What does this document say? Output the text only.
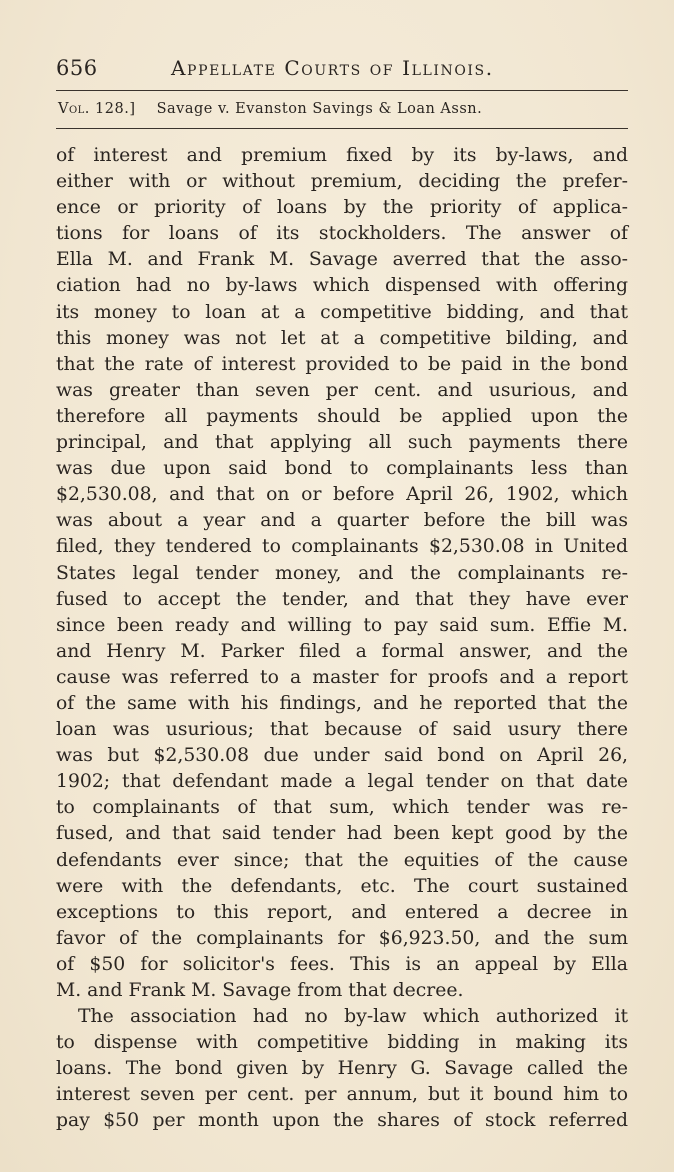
656	Appellate Courts of Illinois.
Vol. 128.] Savage v. Evanston Savings & Loan Assn.
of interest and premium fixed by its by-laws, and
either with or without premium, deciding the prefer-
ence or priority of loans by the priority of applica-
tions for loans of its stockholders. The answer of
Ella M. and Frank M. Savage averred that the asso-
ciation had no by-laws which dispensed with offering
its money to loan at a competitive bidding, and that
this money was not let at a competitive bilding, and
that the rate of interest provided to be paid in the bond
was greater than seven per cent. and usurious, and
therefore all payments should be applied upon the
principal, and that applying all such payments there
was due upon said bond to complainants less than
$2,530.08, and that on or before April 26, 1902, which
was about a year and a quarter before the bill was
filed, they tendered to complainants $2,530.08 in United
States legal tender money, and the complainants re-
fused to accept the tender, and that they have ever
since been ready and willing to pay said sum. Effie M.
and Henry M. Parker filed a formal answer, and the
cause was referred to a master for proofs and a report
of the same with his findings, and he reported that the
loan was usurious; that because of said usury there
was but $2,530.08 due under said bond on April 26,
1902; that defendant made a legal tender on that date
to complainants of that sum, which tender was re-
fused, and that said tender had been kept good by the
defendants ever since; that the equities of the cause
were with the defendants, etc. The court sustained
exceptions to this report, and entered a decree in
favor of the complainants for $6,923.50, and the sum
of $50 for solicitor's fees. This is an appeal by Ella
M. and Frank M. Savage from that decree.
The association had no by-law which authorized it
to dispense with competitive bidding in making its
loans. The bond given by Henry G. Savage called the
interest seven per cent. per annum, but it bound him to
pay $50 per month upon the shares of stock referred
